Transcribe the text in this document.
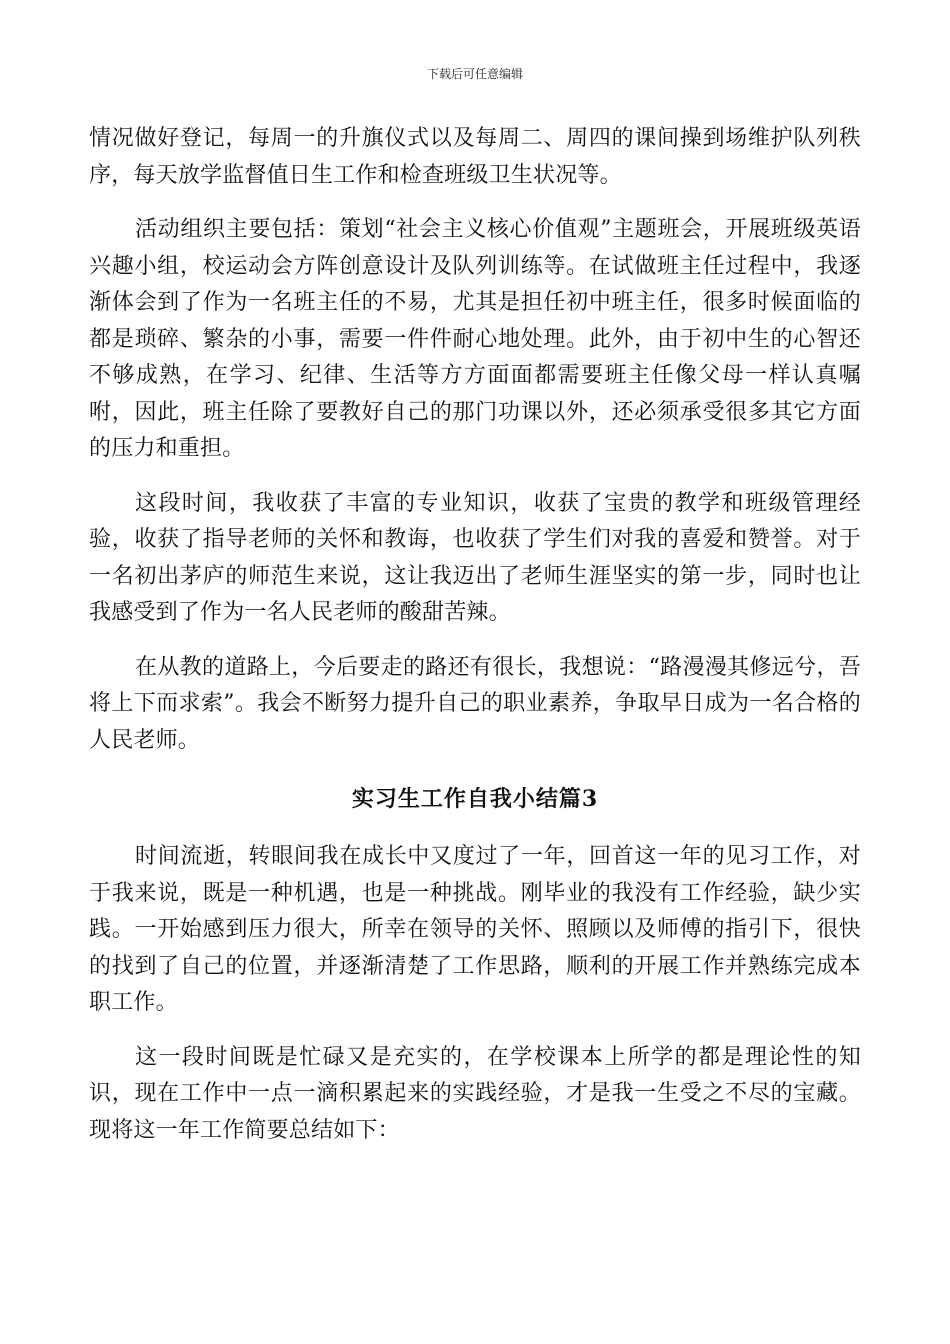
下载后可任意编辑

情况做好登记，每周一的升旗仪式以及每周二、周四的课间操到场维护队列秩序，每天放学监督值日生工作和检查班级卫生状况等。

活动组织主要包括：策划“社会主义核心价值观”主题班会，开展班级英语兴趣小组，校运动会方阵创意设计及队列训练等。在试做班主任过程中，我逐渐体会到了作为一名班主任的不易，尤其是担任初中班主任，很多时候面临的都是琐碎、繁杂的小事，需要一件件耐心地处理。此外，由于初中生的心智还不够成熟，在学习、纪律、生活等方方面面都需要班主任像父母一样认真嘱咐，因此，班主任除了要教好自己的那门功课以外，还必须承受很多其它方面的压力和重担。

这段时间，我收获了丰富的专业知识，收获了宝贵的教学和班级管理经验，收获了指导老师的关怀和教诲，也收获了学生们对我的喜爱和赞誉。对于一名初出茅庐的师范生来说，这让我迈出了老师生涯坚实的第一步，同时也让我感受到了作为一名人民老师的酸甜苦辣。

在从教的道路上，今后要走的路还有很长，我想说：“路漫漫其修远兮，吾将上下而求索”。我会不断努力提升自己的职业素养，争取早日成为一名合格的人民老师。

实习生工作自我小结篇3

时间流逝，转眼间我在成长中又度过了一年，回首这一年的见习工作，对于我来说，既是一种机遇，也是一种挑战。刚毕业的我没有工作经验，缺少实践。一开始感到压力很大，所幸在领导的关怀、照顾以及师傅的指引下，很快的找到了自己的位置，并逐渐清楚了工作思路，顺利的开展工作并熟练完成本职工作。

这一段时间既是忙碌又是充实的，在学校课本上所学的都是理论性的知识，现在工作中一点一滴积累起来的实践经验，才是我一生受之不尽的宝藏。现将这一年工作简要总结如下：
